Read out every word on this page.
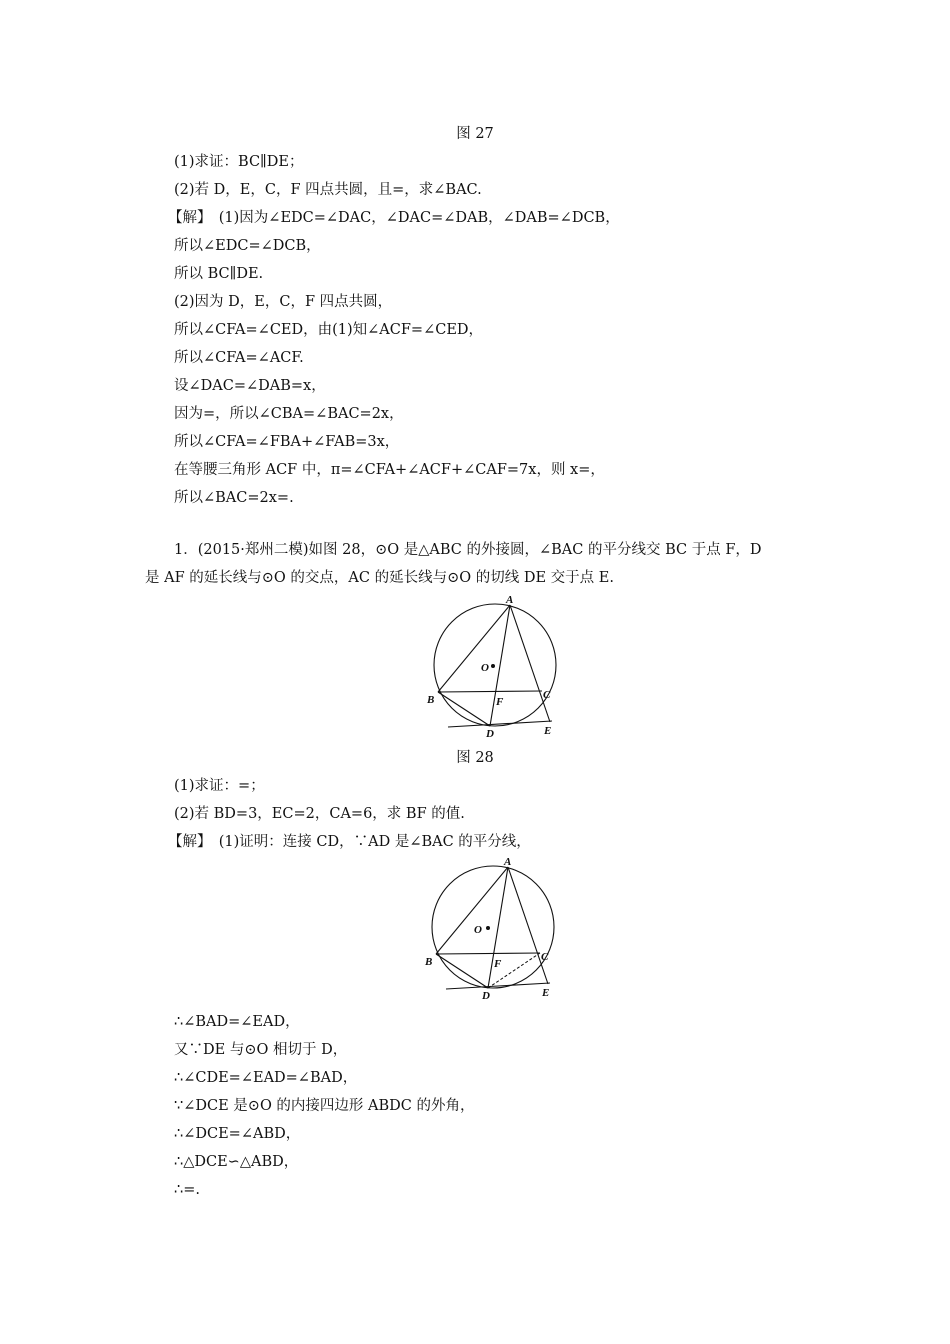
图 27
(1)求证：BC∥DE；
(2)若 D，E，C，F 四点共圆，且=，求∠BAC.
【解】　(1)因为∠EDC=∠DAC，∠DAC=∠DAB，∠DAB=∠DCB，
所以∠EDC=∠DCB，
所以 BC∥DE.
(2)因为 D，E，C，F 四点共圆，
所以∠CFA=∠CED，由(1)知∠ACF=∠CED，
所以∠CFA=∠ACF.
设∠DAC=∠DAB=x，
因为=，所以∠CBA=∠BAC=2x，
所以∠CFA=∠FBA+∠FAB=3x，
在等腰三角形 ACF 中，π=∠CFA+∠ACF+∠CAF=7x，则 x=，
所以∠BAC=2x=.
1．(2015·郑州二模)如图 28，⊙O 是△ABC 的外接圆，∠BAC 的平分线交 BC 于点 F，D
是 AF 的延长线与⊙O 的交点，AC 的延长线与⊙O 的切线 DE 交于点 E.
A
B	C
D	E
F
O
图 28
(1)求证：=；
(2)若 BD=3，EC=2，CA=6，求 BF 的值.
【解】　(1)证明：连接 CD，∵AD 是∠BAC 的平分线，
A
B	C
D	E
F
O
∴∠BAD=∠EAD，
又∵DE 与⊙O 相切于 D，
∴∠CDE=∠EAD=∠BAD，
∵∠DCE 是⊙O 的内接四边形 ABDC 的外角，
∴∠DCE=∠ABD，
∴△DCE∽△ABD，
∴=.
